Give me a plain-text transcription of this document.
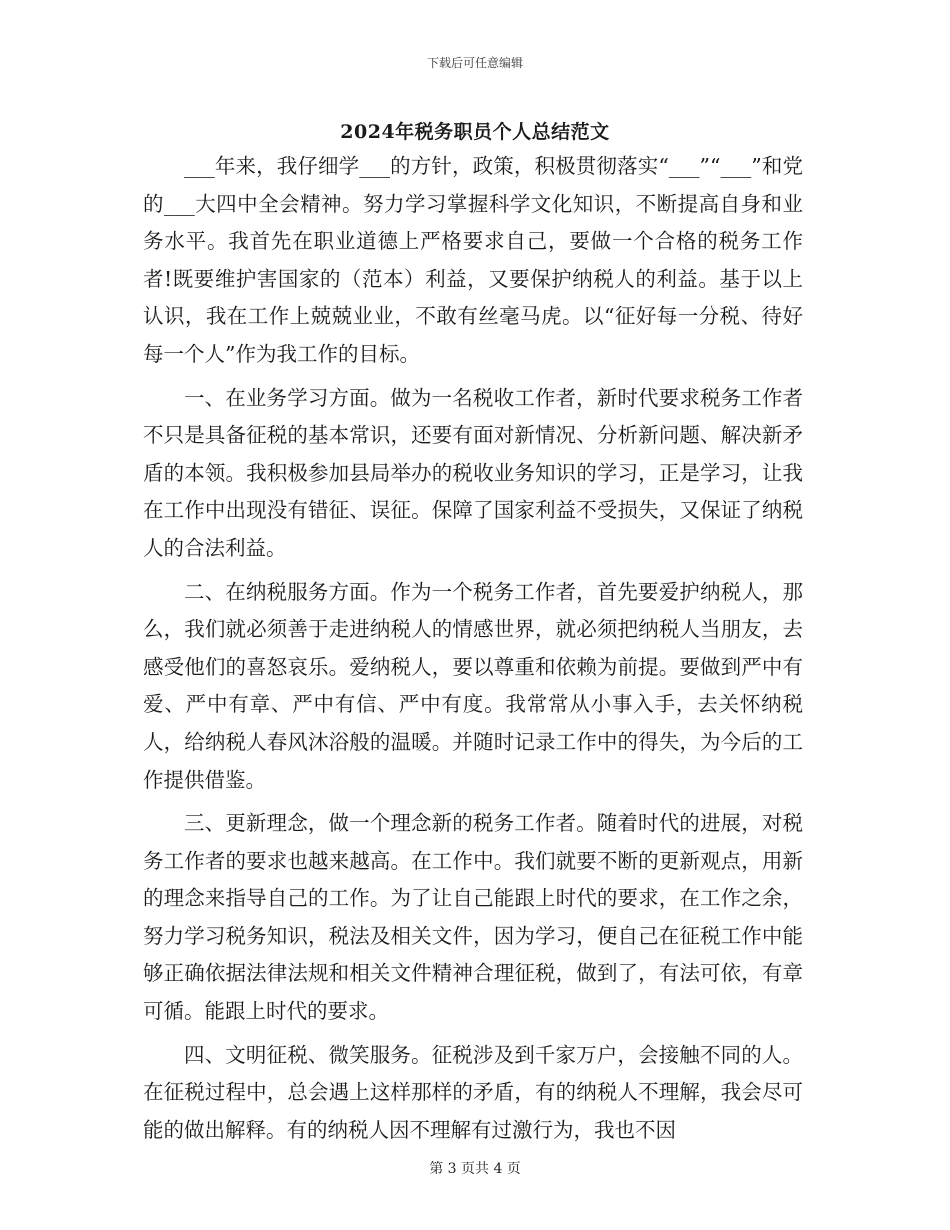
下载后可任意编辑
2024年税务职员个人总结范文

___年来，我仔细学___的方针，政策，积极贯彻落实“___”“___”和党的___大四中全会精神。努力学习掌握科学文化知识，不断提高自身和业务水平。我首先在职业道德上严格要求自己，要做一个合格的税务工作者!既要维护害国家的（范本）利益，又要保护纳税人的利益。基于以上认识，我在工作上兢兢业业，不敢有丝毫马虎。以“征好每一分税、待好每一个人”作为我工作的目标。

一、在业务学习方面。做为一名税收工作者，新时代要求税务工作者不只是具备征税的基本常识，还要有面对新情况、分析新问题、解决新矛盾的本领。我积极参加县局举办的税收业务知识的学习，正是学习，让我在工作中出现没有错征、误征。保障了国家利益不受损失，又保证了纳税人的合法利益。

二、在纳税服务方面。作为一个税务工作者，首先要爱护纳税人，那么，我们就必须善于走进纳税人的情感世界，就必须把纳税人当朋友，去感受他们的喜怒哀乐。爱纳税人，要以尊重和依赖为前提。要做到严中有爱、严中有章、严中有信、严中有度。我常常从小事入手，去关怀纳税人，给纳税人春风沐浴般的温暖。并随时记录工作中的得失，为今后的工作提供借鉴。

三、更新理念，做一个理念新的税务工作者。随着时代的进展，对税务工作者的要求也越来越高。在工作中。我们就要不断的更新观点，用新的理念来指导自己的工作。为了让自己能跟上时代的要求，在工作之余，努力学习税务知识，税法及相关文件，因为学习，便自己在征税工作中能够正确依据法律法规和相关文件精神合理征税，做到了，有法可依，有章可循。能跟上时代的要求。

四、文明征税、微笑服务。征税涉及到千家万户，会接触不同的人。在征税过程中，总会遇上这样那样的矛盾，有的纳税人不理解，我会尽可能的做出解释。有的纳税人因不理解有过激行为，我也不因

第 3 页共 4 页
